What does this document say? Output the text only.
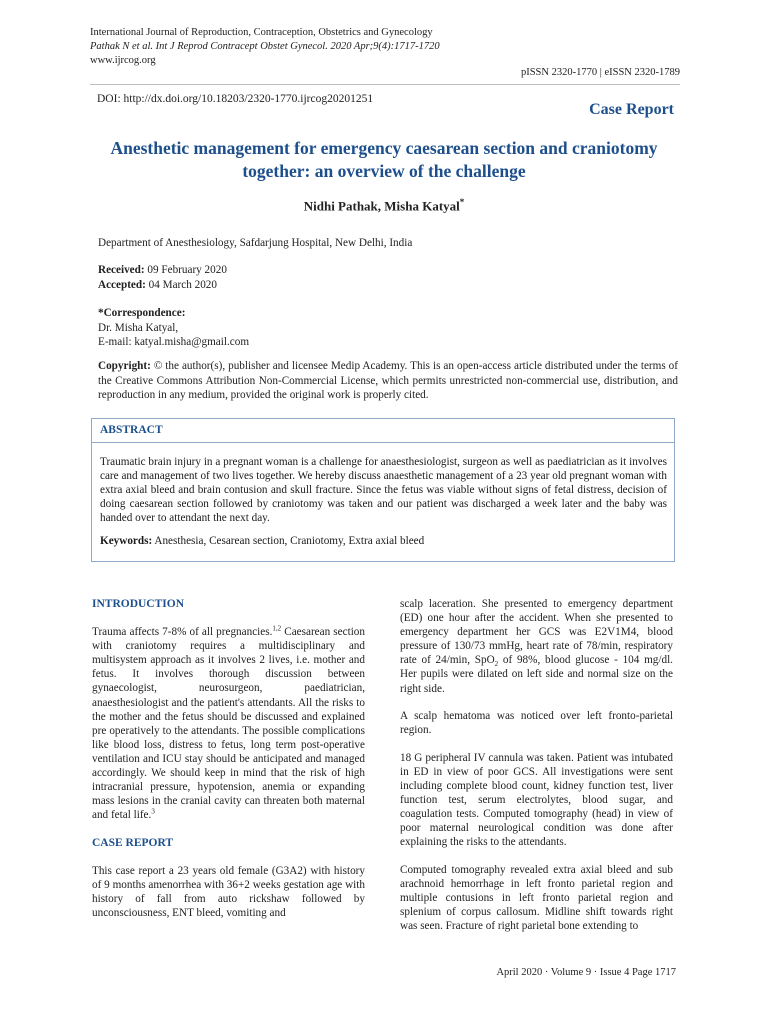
International Journal of Reproduction, Contraception, Obstetrics and Gynecology
Pathak N et al. Int J Reprod Contracept Obstet Gynecol. 2020 Apr;9(4):1717-1720
www.ijrcog.org
pISSN 2320-1770 | eISSN 2320-1789
DOI: http://dx.doi.org/10.18203/2320-1770.ijrcog20201251
Case Report
Anesthetic management for emergency caesarean section and craniotomy together: an overview of the challenge
Nidhi Pathak, Misha Katyal*
Department of Anesthesiology, Safdarjung Hospital, New Delhi, India
Received: 09 February 2020
Accepted: 04 March 2020
*Correspondence:
Dr. Misha Katyal,
E-mail: katyal.misha@gmail.com
Copyright: © the author(s), publisher and licensee Medip Academy. This is an open-access article distributed under the terms of the Creative Commons Attribution Non-Commercial License, which permits unrestricted non-commercial use, distribution, and reproduction in any medium, provided the original work is properly cited.
ABSTRACT

Traumatic brain injury in a pregnant woman is a challenge for anaesthesiologist, surgeon as well as paediatrician as it involves care and management of two lives together. We hereby discuss anaesthetic management of a 23 year old pregnant woman with extra axial bleed and brain contusion and skull fracture. Since the fetus was viable without signs of fetal distress, decision of doing caesarean section followed by craniotomy was taken and our patient was discharged a week later and the baby was handed over to attendant the next day.

Keywords: Anesthesia, Cesarean section, Craniotomy, Extra axial bleed

INTRODUCTION

Trauma affects 7-8% of all pregnancies.$^{1,2}$ Caesarean section with craniotomy requires a multidisciplinary and multisystem approach as it involves 2 lives, i.e. mother and fetus. It involves thorough discussion between gynaecologist, neurosurgeon, paediatrician, anaesthesiologist and the patient's attendants. All the risks to the mother and the fetus should be discussed and explained pre operatively to the attendants. The possible complications like blood loss, distress to fetus, long term post-operative ventilation and ICU stay should be anticipated and managed accordingly. We should keep in mind that the risk of high intracranial pressure, hypotension, anemia or expanding mass lesions in the cranial cavity can threaten both maternal and fetal life.$^3$

CASE REPORT

This case report a 23 years old female (G3A2) with history of 9 months amenorrhea with 36+2 weeks gestation age with history of fall from auto rickshaw followed by unconsciousness, ENT bleed, vomiting and

scalp laceration. She presented to emergency department (ED) one hour after the accident. When she presented to emergency department her GCS was E2V1M4, blood pressure of 130/73 mmHg, heart rate of 78/min, respiratory rate of 24/min, SpO$_2$ of 98%, blood glucose - 104 mg/dl. Her pupils were dilated on left side and normal size on the right side.

A scalp hematoma was noticed over left fronto-parietal region.

18 G peripheral IV cannula was taken. Patient was intubated in ED in view of poor GCS. All investigations were sent including complete blood count, kidney function test, liver function test, serum electrolytes, blood sugar, and coagulation tests. Computed tomography (head) in view of poor maternal neurological condition was done after explaining the risks to the attendants.

Computed tomography revealed extra axial bleed and sub arachnoid hemorrhage in left fronto parietal region and multiple contusions in left fronto parietal region and splenium of corpus callosum. Midline shift towards right was seen. Fracture of right parietal bone extending to

April 2020 · Volume 9 · Issue 4 Page 1717
